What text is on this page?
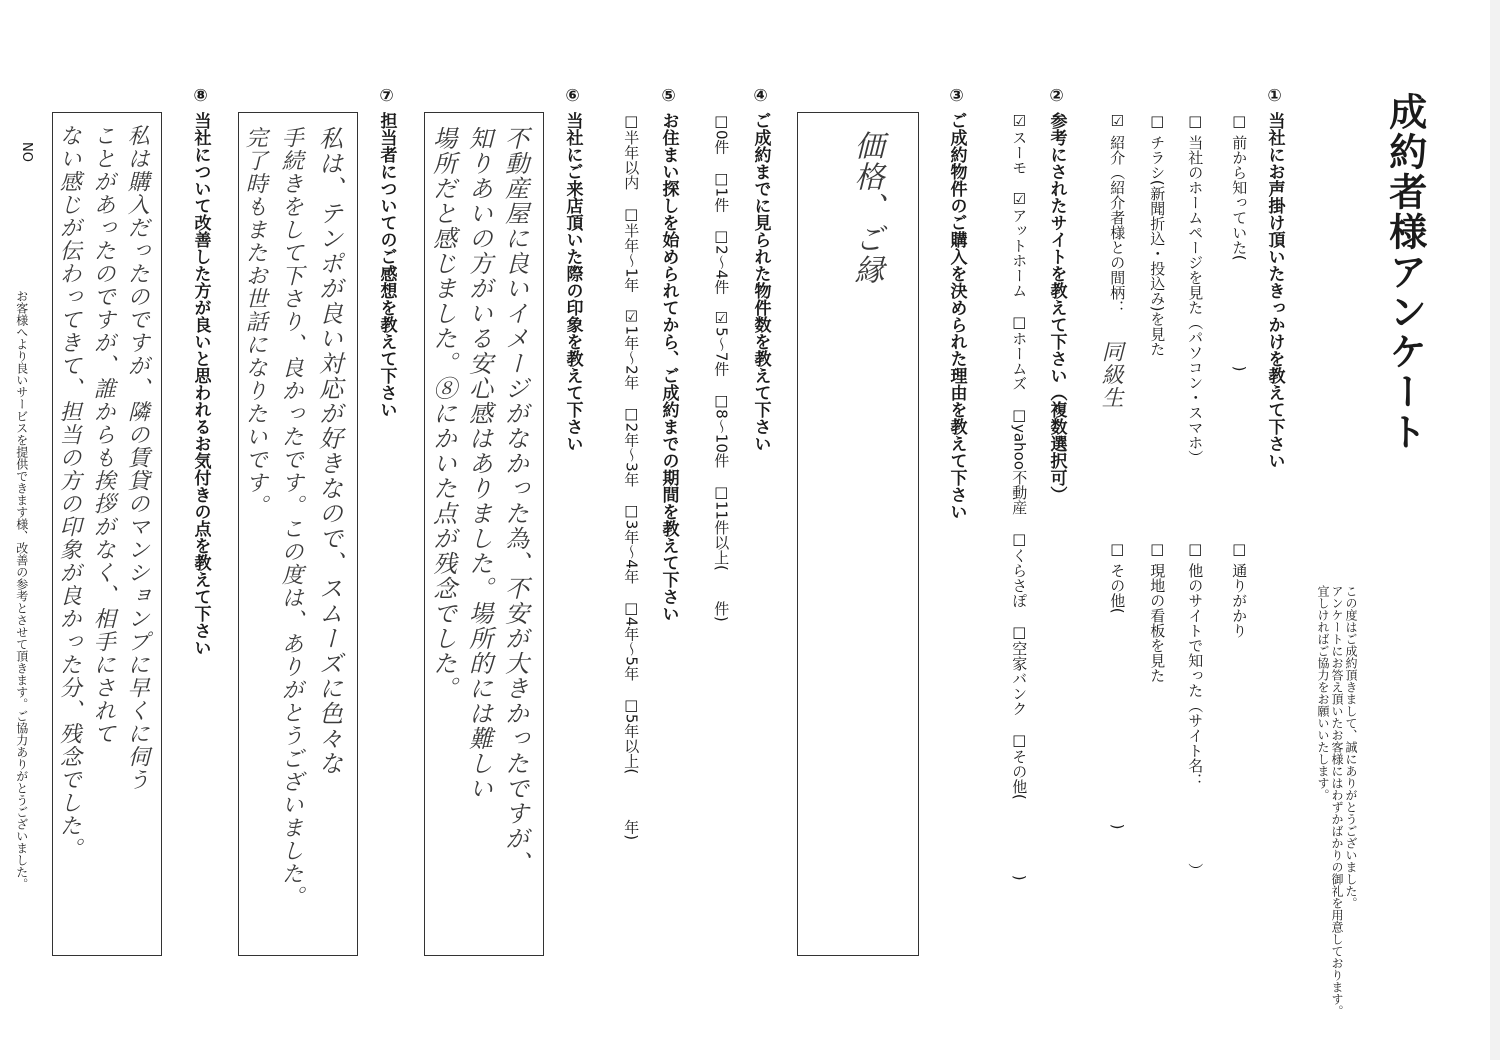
成約者様アンケート
この度はご成約頂きまして、誠にありがとうございました。
アンケートにお答え頂いたお客様にはわずかばかりの御礼を用意しております。
宜しければご協力をお願いいたします。
① 当社にお声掛け頂いたきっかけを教えて下さい
□ 前から知っていた(　　　　　　　)
□ 当社のホームページを見た（パソコン・スマホ）
□ チラシ(新聞折込・投込み)を見た
☑ 紹介（紹介者様との間柄：
同級生
□ 通りがかり
□ 他のサイトで知った（サイト名：　　　　　）
□ 現地の看板を見た
□ その他(　　　　　　　　　　　　　　)
② 参考にされたサイトを教えて下さい（複数選択可）
☑スーモ　☑アットホーム　□ホームズ　□yahoo不動産　□くらさぽ　□空家バンク　□その他(　　　　　)
③ ご成約物件のご購入を決められた理由を教えて下さい
価格、ご縁
④ ご成約までに見られた物件数を教えて下さい
□0件　□1件　□2～4件　☑5～7件　□8～10件　□11件以上(　　件)
⑤ お住まい探しを始められてから、ご成約までの期間を教えて下さい
□半年以内　□半年～1年　☑1年～2年　□2年～3年　□3年～4年　□4年～5年　□5年以上(　　　年)
⑥ 当社にご来店頂いた際の印象を教えて下さい
不動産屋に良いイメージがなかった為、不安が大きかったですが、
知りあいの方がいる安心感はありました。場所的には難しい
場所だと感じました。⑧にかいた点が残念でした。
⑦ 担当者についてのご感想を教えて下さい
私は、テンポが良い対応が好きなので、スムーズに色々な
手続きをして下さり、良かったです。この度は、ありがとうございました。
完了時もまたお世話になりたいです。
⑧ 当社について改善した方が良いと思われるお気付きの点を教えて下さい
私は購入だったのですが、隣の賃貸のマンションプに早くに伺う
ことがあったのですが、誰からも挨拶がなく、相手にされて
ない感じが伝わってきて、担当の方の印象が良かった分、残念でした。
NO
お客様へより良いサービスを提供できます様、改善の参考とさせて頂きます。ご協力ありがとうございました。
